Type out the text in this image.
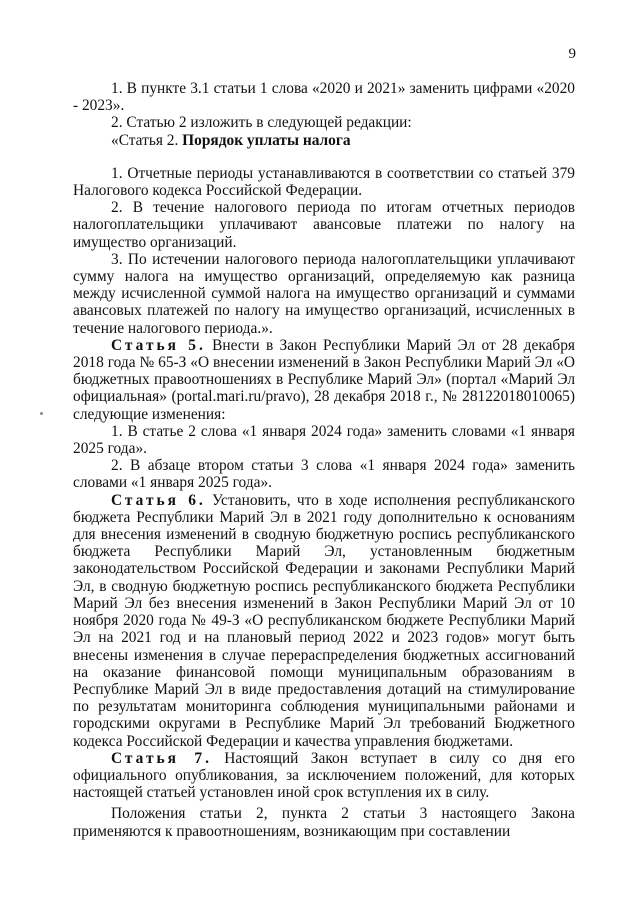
9

1. В пункте 3.1 статьи 1 слова «2020 и 2021» заменить цифрами «2020 - 2023».

2. Статью 2 изложить в следующей редакции:

«Статья 2. Порядок уплаты налога

1. Отчетные периоды устанавливаются в соответствии со статьей 379 Налогового кодекса Российской Федерации.

2. В течение налогового периода по итогам отчетных периодов налогоплательщики уплачивают авансовые платежи по налогу на имущество организаций.

3. По истечении налогового периода налогоплательщики уплачивают сумму налога на имущество организаций, определяемую как разница между исчисленной суммой налога на имущество организаций и суммами авансовых платежей по налогу на имущество организаций, исчисленных в течение налогового периода.».

Статья 5. Внести в Закон Республики Марий Эл от 28 декабря 2018 года № 65-З «О внесении изменений в Закон Республики Марий Эл «О бюджетных правоотношениях в Республике Марий Эл» (портал «Марий Эл официальная» (portal.mari.ru/pravo), 28 декабря 2018 г., № 28122018010065) следующие изменения:

1. В статье 2 слова «1 января 2024 года» заменить словами «1 января 2025 года».

2. В абзаце втором статьи 3 слова «1 января 2024 года» заменить словами «1 января 2025 года».

Статья 6. Установить, что в ходе исполнения республиканского бюджета Республики Марий Эл в 2021 году дополнительно к основаниям для внесения изменений в сводную бюджетную роспись республиканского бюджета Республики Марий Эл, установленным бюджетным законодательством Российской Федерации и законами Республики Марий Эл, в сводную бюджетную роспись республиканского бюджета Республики Марий Эл без внесения изменений в Закон Республики Марий Эл от 10 ноября 2020 года № 49-З «О республиканском бюджете Республики Марий Эл на 2021 год и на плановый период 2022 и 2023 годов» могут быть внесены изменения в случае перераспределения бюджетных ассигнований на оказание финансовой помощи муниципальным образованиям в Республике Марий Эл в виде предоставления дотаций на стимулирование по результатам мониторинга соблюдения муниципальными районами и городскими округами в Республике Марий Эл требований Бюджетного кодекса Российской Федерации и качества управления бюджетами.

Статья 7. Настоящий Закон вступает в силу со дня его официального опубликования, за исключением положений, для которых настоящей статьей установлен иной срок вступления их в силу.

Положения статьи 2, пункта 2 статьи 3 настоящего Закона применяются к правоотношениям, возникающим при составлении
